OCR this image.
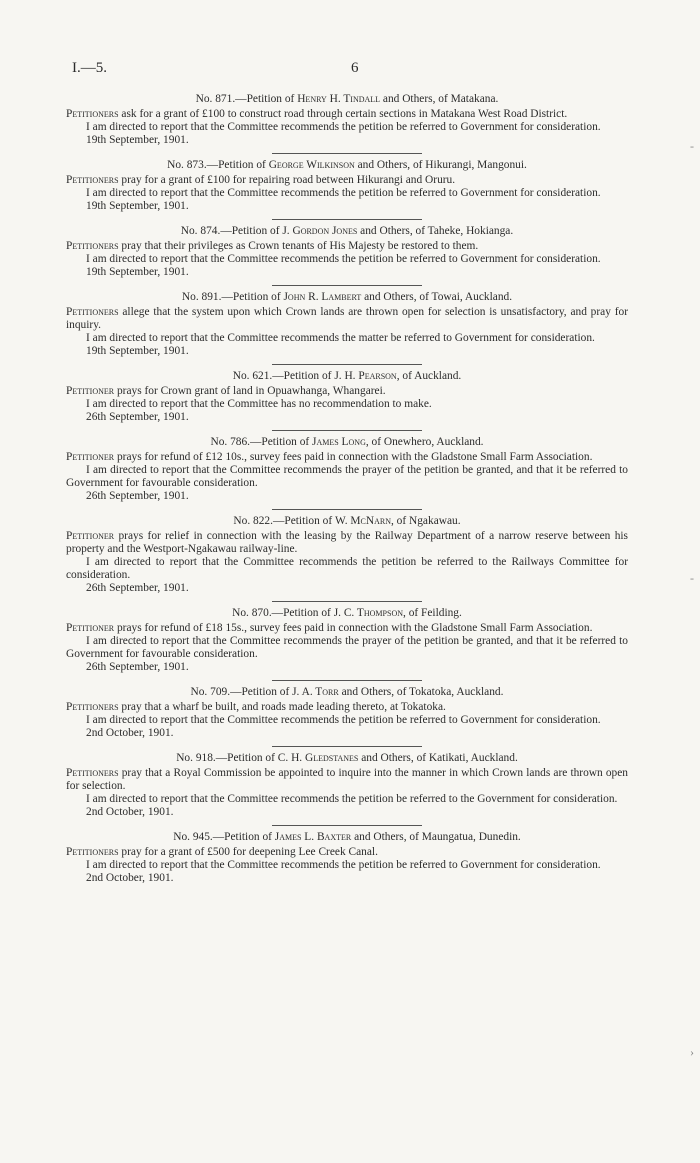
I.—5.	6
No. 871.—Petition of Henry H. Tindall and Others, of Matakana.
Petitioners ask for a grant of £100 to construct road through certain sections in Matakana West Road District.
I am directed to report that the Committee recommends the petition be referred to Government for consideration.
19th September, 1901.
No. 873.—Petition of George Wilkinson and Others, of Hikurangi, Mangonui.
Petitioners pray for a grant of £100 for repairing road between Hikurangi and Oruru.
I am directed to report that the Committee recommends the petition be referred to Government for consideration.
19th September, 1901.
No. 874.—Petition of J. Gordon Jones and Others, of Taheke, Hokianga.
Petitioners pray that their privileges as Crown tenants of His Majesty be restored to them.
I am directed to report that the Committee recommends the petition be referred to Government for consideration.
19th September, 1901.
No. 891.—Petition of John R. Lambert and Others, of Towai, Auckland.
Petitioners allege that the system upon which Crown lands are thrown open for selection is unsatisfactory, and pray for inquiry.
I am directed to report that the Committee recommends the matter be referred to Government for consideration.
19th September, 1901.
No. 621.—Petition of J. H. Pearson, of Auckland.
Petitioner prays for Crown grant of land in Opuawhanga, Whangarei.
I am directed to report that the Committee has no recommendation to make.
26th September, 1901.
No. 786.—Petition of James Long, of Onewhero, Auckland.
Petitioner prays for refund of £12 10s., survey fees paid in connection with the Gladstone Small Farm Association.
I am directed to report that the Committee recommends the prayer of the petition be granted, and that it be referred to Government for favourable consideration.
26th September, 1901.
No. 822.—Petition of W. McNarn, of Ngakawau.
Petitioner prays for relief in connection with the leasing by the Railway Department of a narrow reserve between his property and the Westport-Ngakawau railway-line.
I am directed to report that the Committee recommends the petition be referred to the Railways Committee for consideration.
26th September, 1901.
No. 870.—Petition of J. C. Thompson, of Feilding.
Petitioner prays for refund of £18 15s., survey fees paid in connection with the Gladstone Small Farm Association.
I am directed to report that the Committee recommends the prayer of the petition be granted, and that it be referred to Government for favourable consideration.
26th September, 1901.
No. 709.—Petition of J. A. Torr and Others, of Tokatoka, Auckland.
Petitioners pray that a wharf be built, and roads made leading thereto, at Tokatoka.
I am directed to report that the Committee recommends the petition be referred to Government for consideration.
2nd October, 1901.
No. 918.—Petition of C. H. Gledstanes and Others, of Katikati, Auckland.
Petitioners pray that a Royal Commission be appointed to inquire into the manner in which Crown lands are thrown open for selection.
I am directed to report that the Committee recommends the petition be referred to the Government for consideration.
2nd October, 1901.
No. 945.—Petition of James L. Baxter and Others, of Maungatua, Dunedin.
Petitioners pray for a grant of £500 for deepening Lee Creek Canal.
I am directed to report that the Committee recommends the petition be referred to Government for consideration.
2nd October, 1901.
‑
‑
›
